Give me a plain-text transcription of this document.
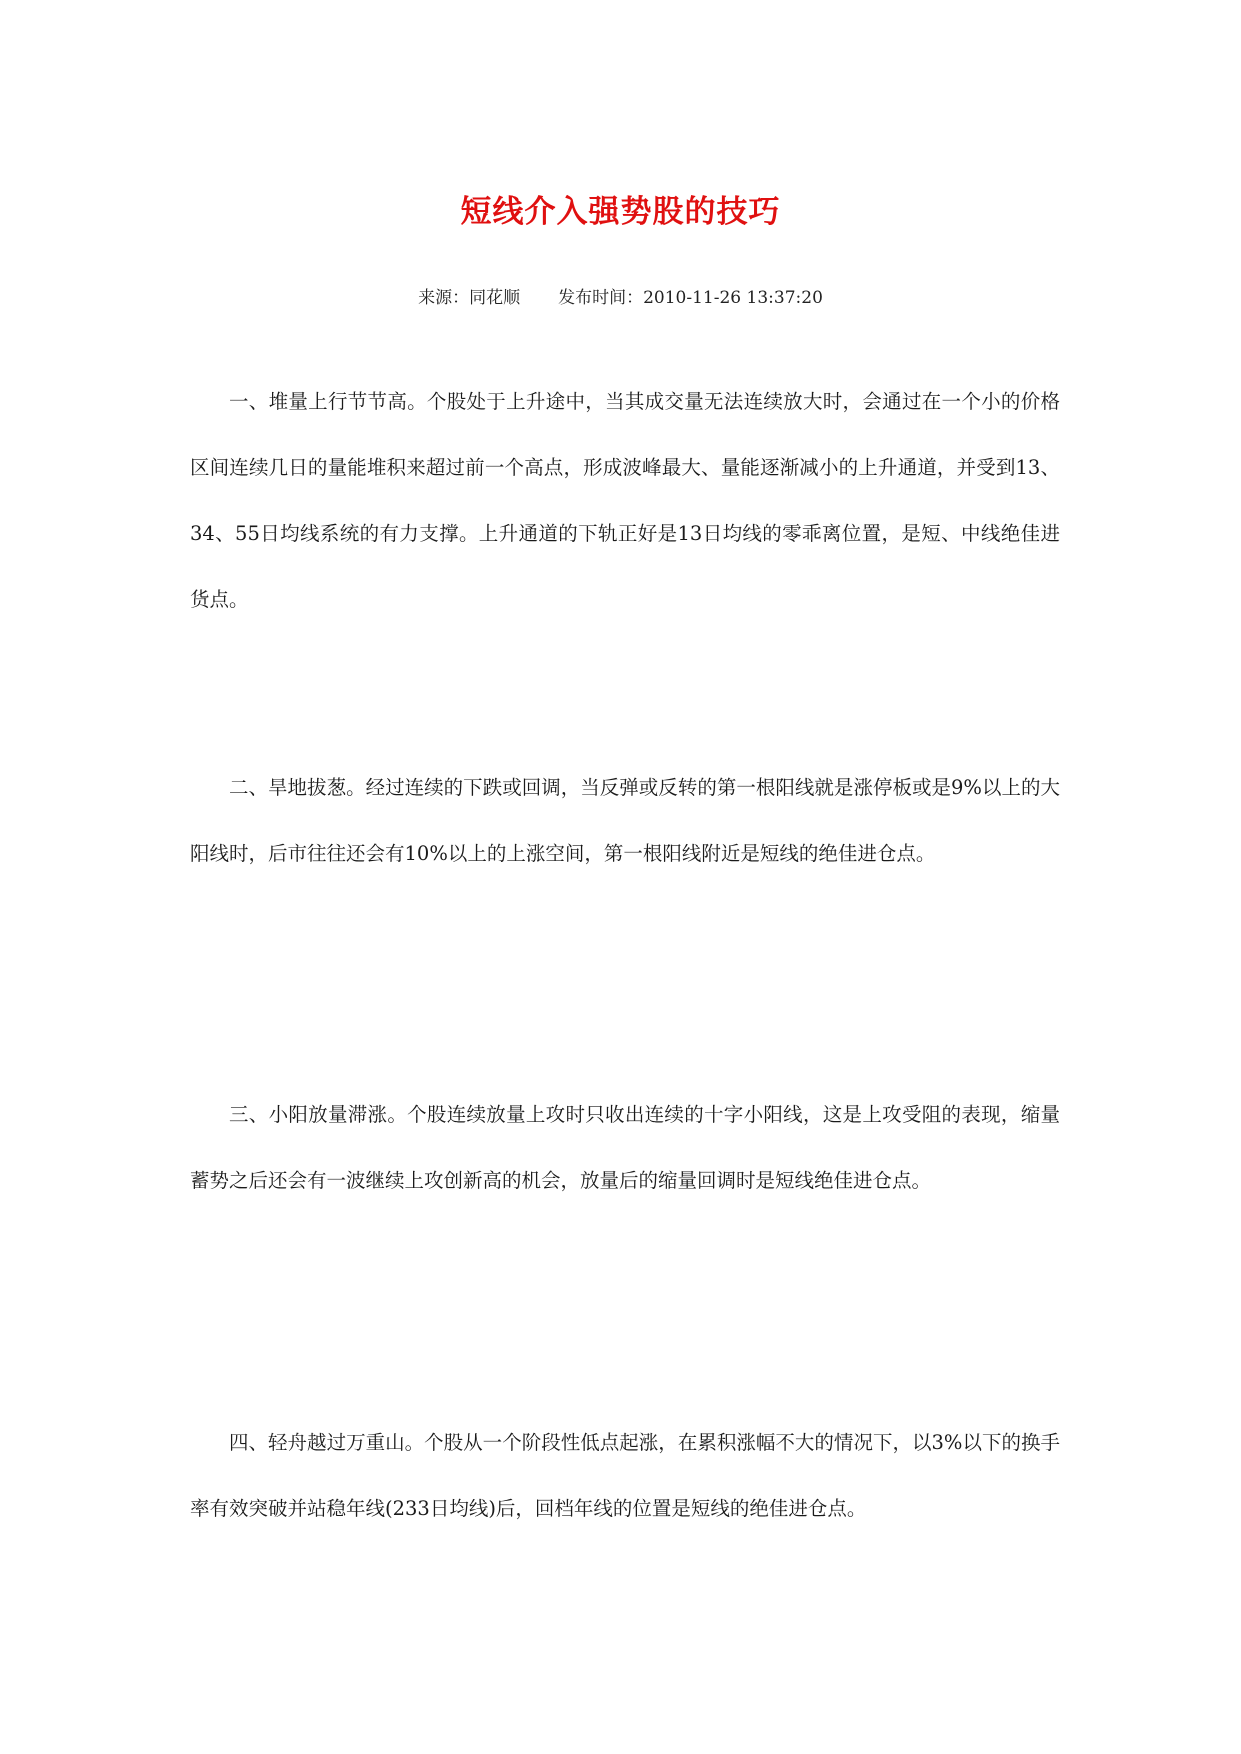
短线介入强势股的技巧
来源：同花顺 发布时间：2010-11-26 13:37:20

一、堆量上行节节高。个股处于上升途中，当其成交量无法连续放大时，会通过在一个小的价格区间连续几日的量能堆积来超过前一个高点，形成波峰最大、量能逐渐减小的上升通道，并受到13、34、55日均线系统的有力支撑。上升通道的下轨正好是13日均线的零乖离位置，是短、中线绝佳进货点。

二、旱地拔葱。经过连续的下跌或回调，当反弹或反转的第一根阳线就是涨停板或是9%以上的大阳线时，后市往往还会有10%以上的上涨空间，第一根阳线附近是短线的绝佳进仓点。

三、小阳放量滞涨。个股连续放量上攻时只收出连续的十字小阳线，这是上攻受阻的表现，缩量蓄势之后还会有一波继续上攻创新高的机会，放量后的缩量回调时是短线绝佳进仓点。

四、轻舟越过万重山。个股从一个阶段性低点起涨，在累积涨幅不大的情况下，以3%以下的换手率有效突破并站稳年线(233日均线)后，回档年线的位置是短线的绝佳进仓点。
